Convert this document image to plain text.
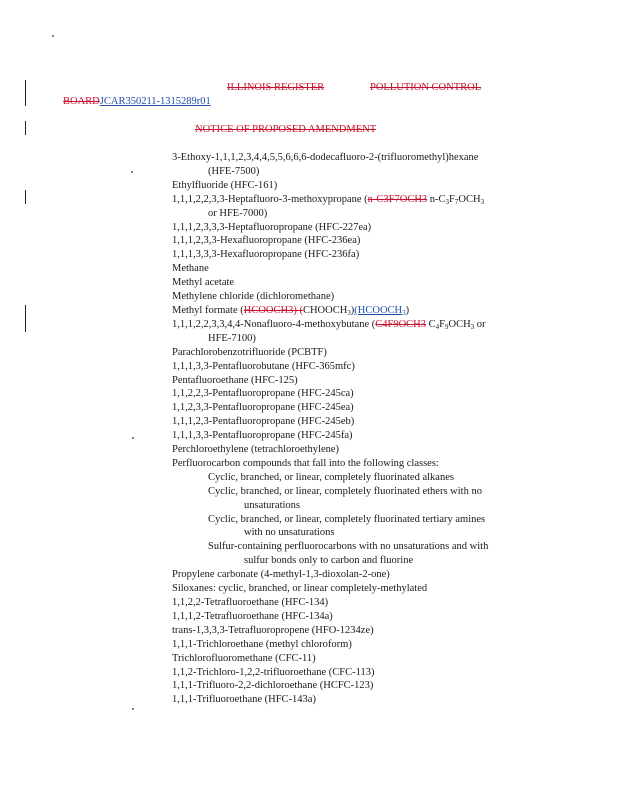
ILLINOIS REGISTER	POLLUTION CONTROL
BOARDJCAR350211-1315289r01
NOTICE OF PROPOSED AMENDMENT
3-Ethoxy-1,1,1,2,3,4,4,5,5,6,6,6-dodecafluoro-2-(trifluoromethyl)hexane
(HFE-7500)
Ethylfluoride (HFC-161)
1,1,1,2,2,3,3-Heptafluoro-3-methoxypropane (n-C3F7OCH3 $n-C_3F_7OCH_3$
or HFE-7000)
1,1,1,2,3,3,3-Heptafluoropropane (HFC-227ea)
1,1,1,2,3,3-Hexafluoropropane (HFC-236ea)
1,1,1,3,3,3-Hexafluoropropane (HFC-236fa)
Methane
Methyl acetate
Methylene chloride (dichloromethane)
Methyl formate (HCOOCH3) $(CHOOCH_3)(HCOOCH_3)$
1,1,1,2,2,3,3,4,4-Nonafluoro-4-methoxybutane (C4F9OCH3 $C_4F_9OCH_3$ or
HFE-7100)
Parachlorobenzotrifluoride (PCBTF)
1,1,1,3,3-Pentafluorobutane (HFC-365mfc)
Pentafluoroethane (HFC-125)
1,1,2,2,3-Pentafluoropropane (HFC-245ca)
1,1,2,3,3-Pentafluoropropane (HFC-245ea)
1,1,1,2,3-Pentafluoropropane (HFC-245eb)
1,1,1,3,3-Pentafluoropropane (HFC-245fa)
Perchloroethylene (tetrachloroethylene)
Perfluorocarbon compounds that fall into the following classes:
Cyclic, branched, or linear, completely fluorinated alkanes
Cyclic, branched, or linear, completely fluorinated ethers with no
unsaturations
Cyclic, branched, or linear, completely fluorinated tertiary amines
with no unsaturations
Sulfur-containing perfluorocarbons with no unsaturations and with
sulfur bonds only to carbon and fluorine
Propylene carbonate (4-methyl-1,3-dioxolan-2-one)
Siloxanes: cyclic, branched, or linear completely-methylated
1,1,2,2-Tetrafluoroethane (HFC-134)
1,1,1,2-Tetrafluoroethane (HFC-134a)
trans-1,3,3,3-Tetrafluoropropene (HFO-1234ze)
1,1,1-Trichloroethane (methyl chloroform)
Trichlorofluoromethane (CFC-11)
1,1,2-Trichloro-1,2,2-trifluoroethane (CFC-113)
1,1,1-Trifluoro-2,2-dichloroethane (HCFC-123)
1,1,1-Trifluoroethane (HFC-143a)
